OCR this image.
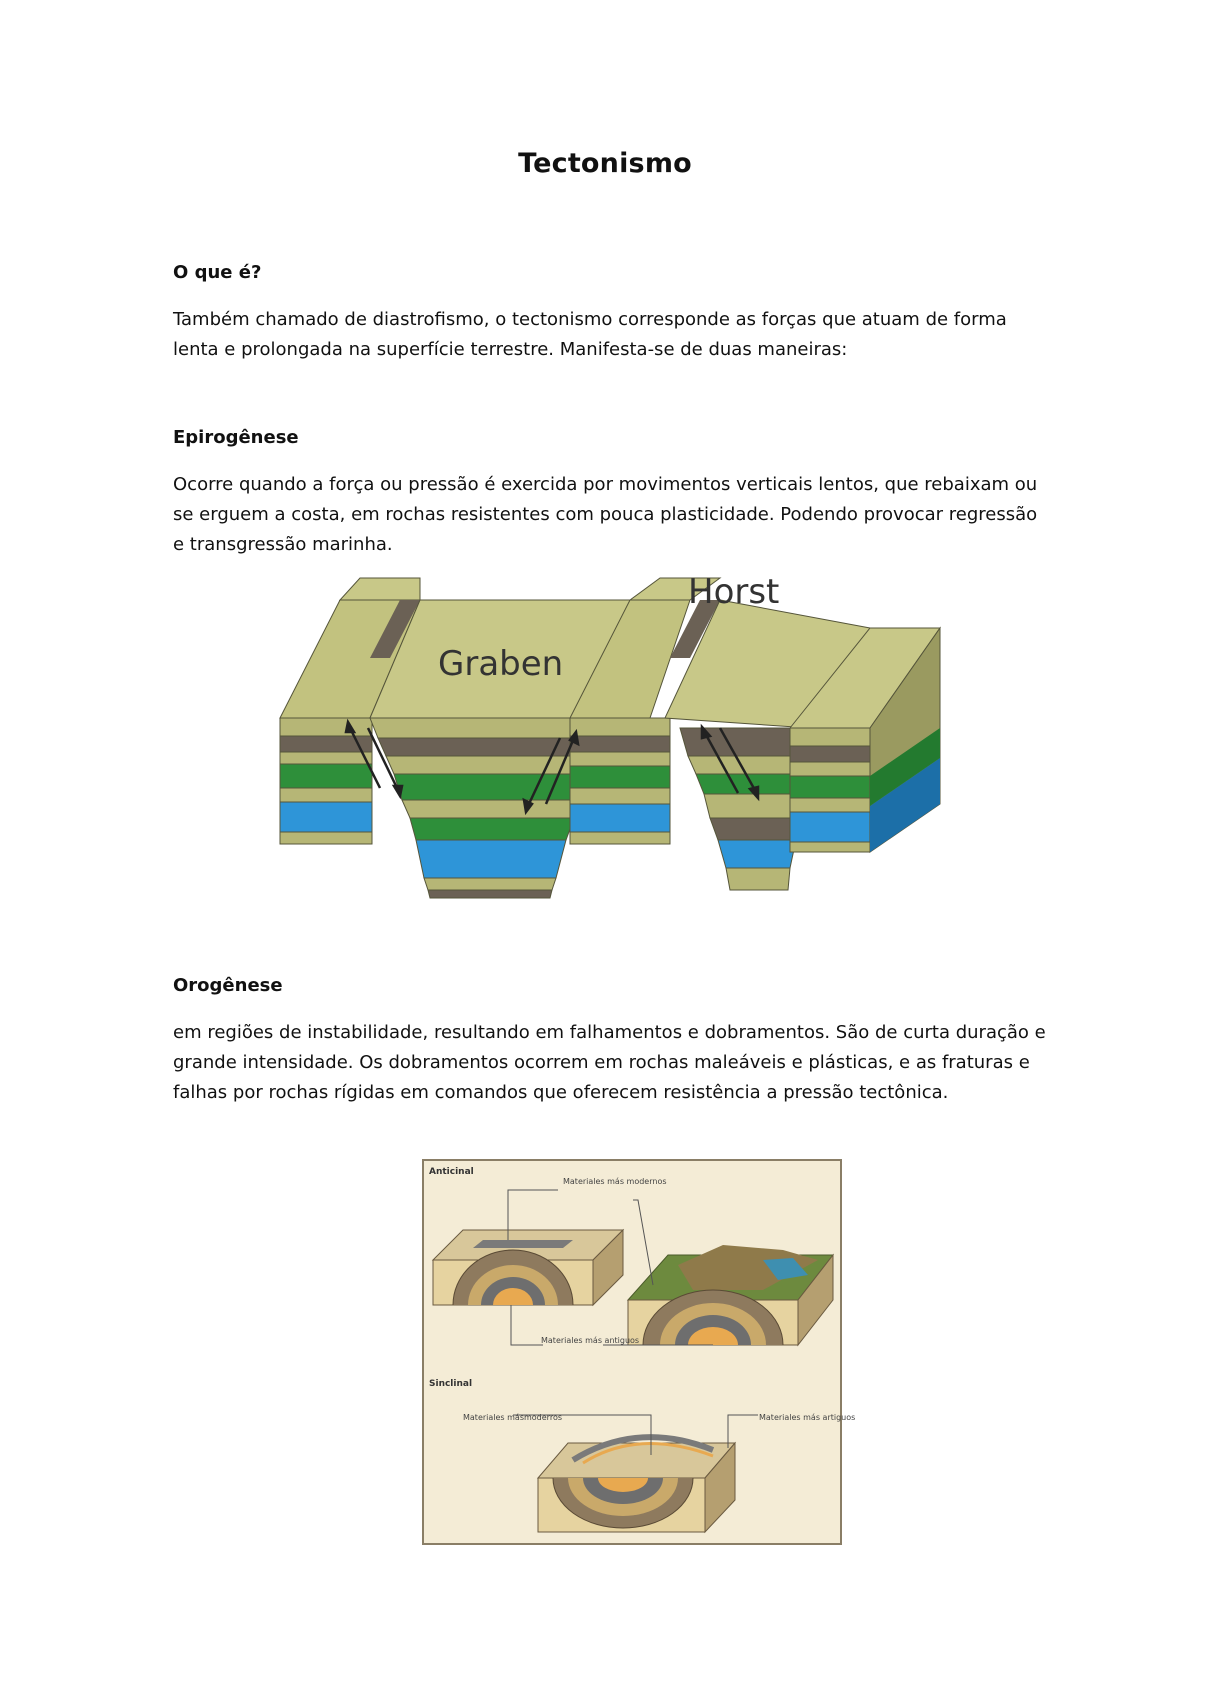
Tectonismo
O que é?

Também chamado de diastrofismo, o tectonismo corresponde as forças que atuam de forma lenta e prolongada na superfície terrestre. Manifesta-se de duas maneiras:

Epirogênese

Ocorre quando a força ou pressão é exercida por movimentos verticais lentos, que rebaixam ou se erguem a costa, em rochas resistentes com pouca plasticidade. Podendo provocar regressão e transgressão marinha.

Graben
Horst
Orogênese

em regiões de instabilidade, resultando em falhamentos e dobramentos. São de curta duração e grande intensidade. Os dobramentos ocorrem em rochas maleáveis e plásticas, e as fraturas e falhas por rochas rígidas em comandos que oferecem resistência a pressão tectônica.

Anticinal
Materiales más modernos
Materiales más antiguos
Sinclinal
Materiales másmoderros	Materiales más artiguos
